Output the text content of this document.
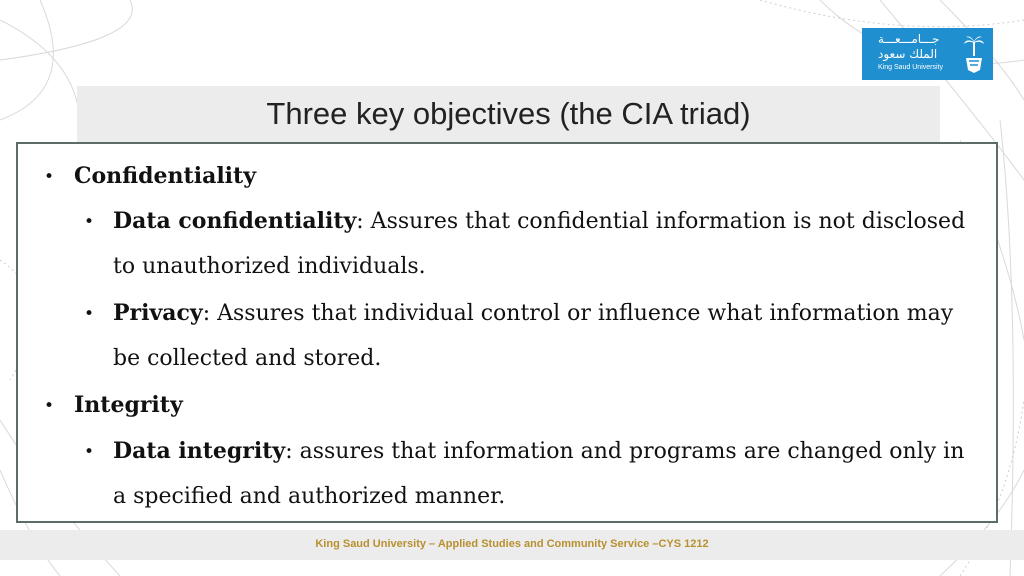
جـــامـــعـــة
الملك سعود
King Saud University
Three key objectives (the CIA triad)
• Confidentiality
• Data confidentiality: Assures that confidential information is not disclosed
to unauthorized individuals.
• Privacy: Assures that individual control or influence what information may
be collected and stored.
• Integrity
• Data integrity: assures that information and programs are changed only in
a specified and authorized manner.
King Saud University – Applied Studies and Community Service –CYS 1212
